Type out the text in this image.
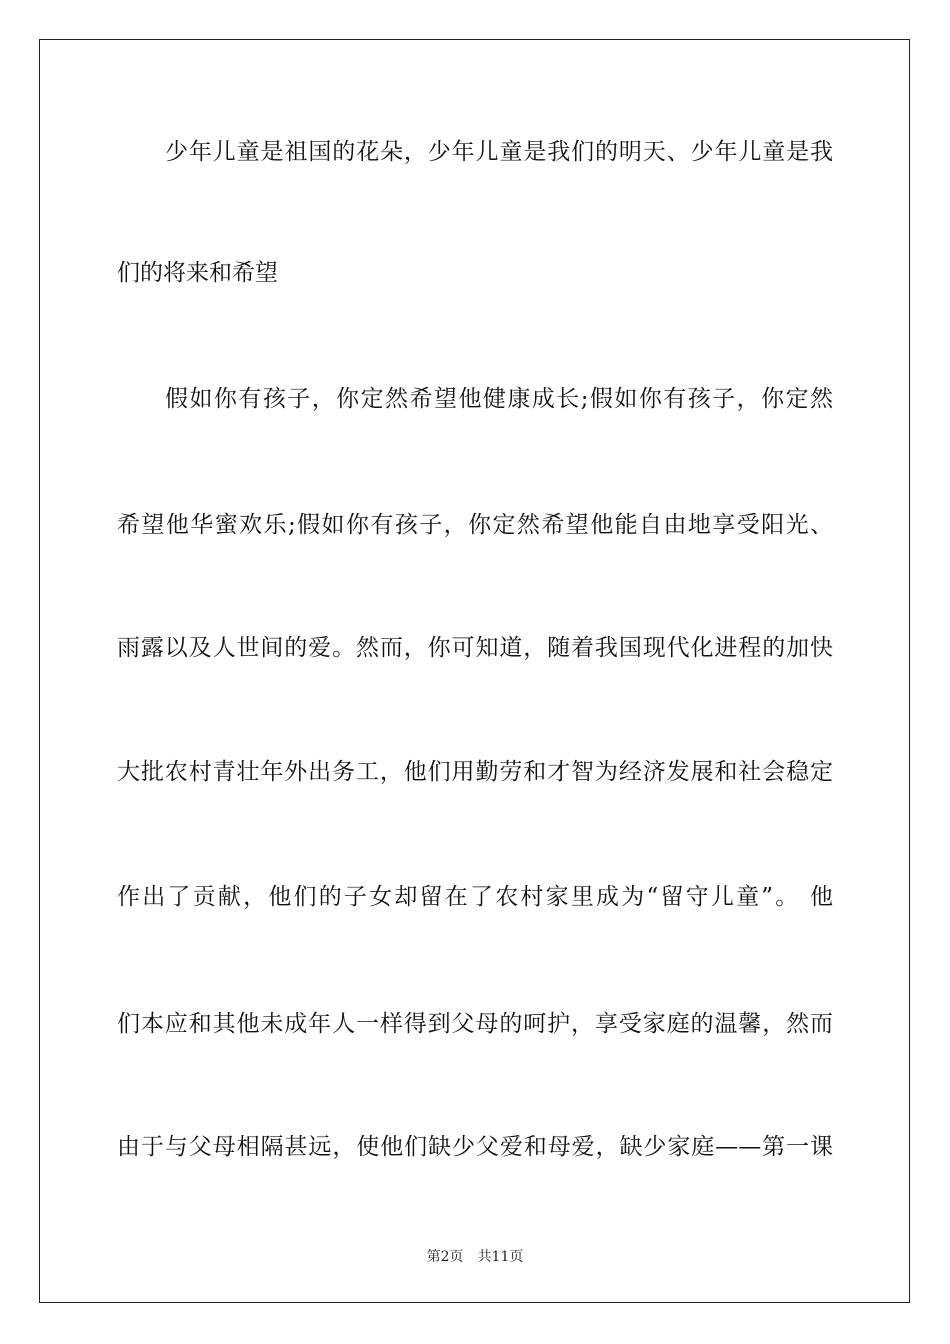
少年儿童是祖国的花朵，少年儿童是我们的明天、少年儿童是我
们的将来和希望
假如你有孩子，你定然希望他健康成长;假如你有孩子，你定然
希望他华蜜欢乐;假如你有孩子，你定然希望他能自由地享受阳光、
雨露以及人世间的爱。然而，你可知道，随着我国现代化进程的加快
大批农村青壮年外出务工，他们用勤劳和才智为经济发展和社会稳定
作出了贡献，他们的子女却留在了农村家里成为“留守儿童”。 他
们本应和其他未成年人一样得到父母的呵护，享受家庭的温馨，然而
由于与父母相隔甚远，使他们缺少父爱和母爱，缺少家庭——第一课
第2页 共11页
